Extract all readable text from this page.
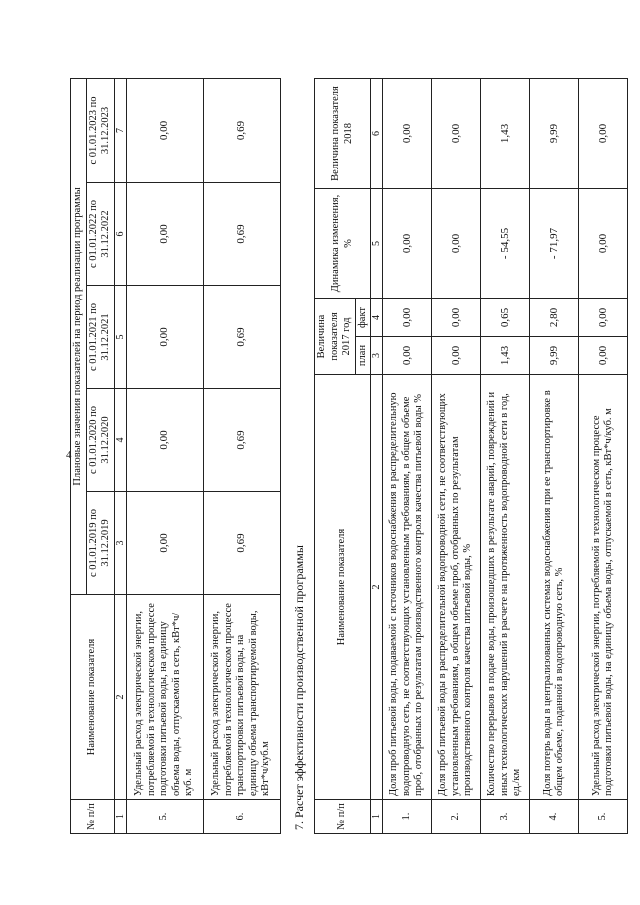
4
№ п/п	Наименование показателя	Плановые значения показателей на период реализации программы				
		с 01.01.2019 по 31.12.2019	с 01.01.2020 по 31.12.2020	с 01.01.2021 по 31.12.2021	с 01.01.2022 по 31.12.2022	с 01.01.2023 по 31.12.2023
1	2	3	4	5	6	7
5.	Удельный расход электрической энергии, потребляемой в технологическом процессе подготовки питьевой воды, на единицу объема воды, отпускаемой в сеть, кВт*ч/куб. м	0,00	0,00	0,00	0,00	0,00
6.	Удельный расход электрической энергии, потребляемой в технологическом процессе транспортировки питьевой воды, на единицу объема транспортируемой воды, кВт*ч/куб.м	0,69	0,69	0,69	0,69	0,69
7. Расчет эффективности производственной программы	№ п/п	Наименование показателя	Величина показателя 2017 год		Динамика изменения, %	Величина показателя 2018
		план	факт		
1	2	3	4	5	6
1.	Доля проб питьевой воды, подаваемой с источников водоснабжения в распределительную водопроводную сеть, не соответствующих установленным требованиям, в общем объеме проб, отобранных по результатам производственного контроля качества питьевой воды %	0,00	0,00	0,00	0,00
2.	Доля проб питьевой воды в распределительной водопроводной сети, не соответствующих установленным требованиям, в общем объеме проб, отобранных по результатам производственного контроля качества питьевой воды, %	0,00	0,00	0,00	0,00
3.	Количество перерывов в подаче воды, произошедших в результате аварий, повреждений и иных технологических нарушений в расчете на протяженность водопроводной сети в год, ед./км	1,43	0,65	- 54,55	1,43
4.	Доля потерь воды в централизованных системах водоснабжения при ее транспортировке в общем объеме, поданной в водопроводную сеть, %	9,99	2,80	- 71,97	9,99
5.	Удельный расход электрической энергии, потребляемой в технологическом процессе подготовки питьевой воды, на единицу объема воды, отпускаемой в сеть, кВт*ч/куб. м	0,00	0,00	0,00	0,00
